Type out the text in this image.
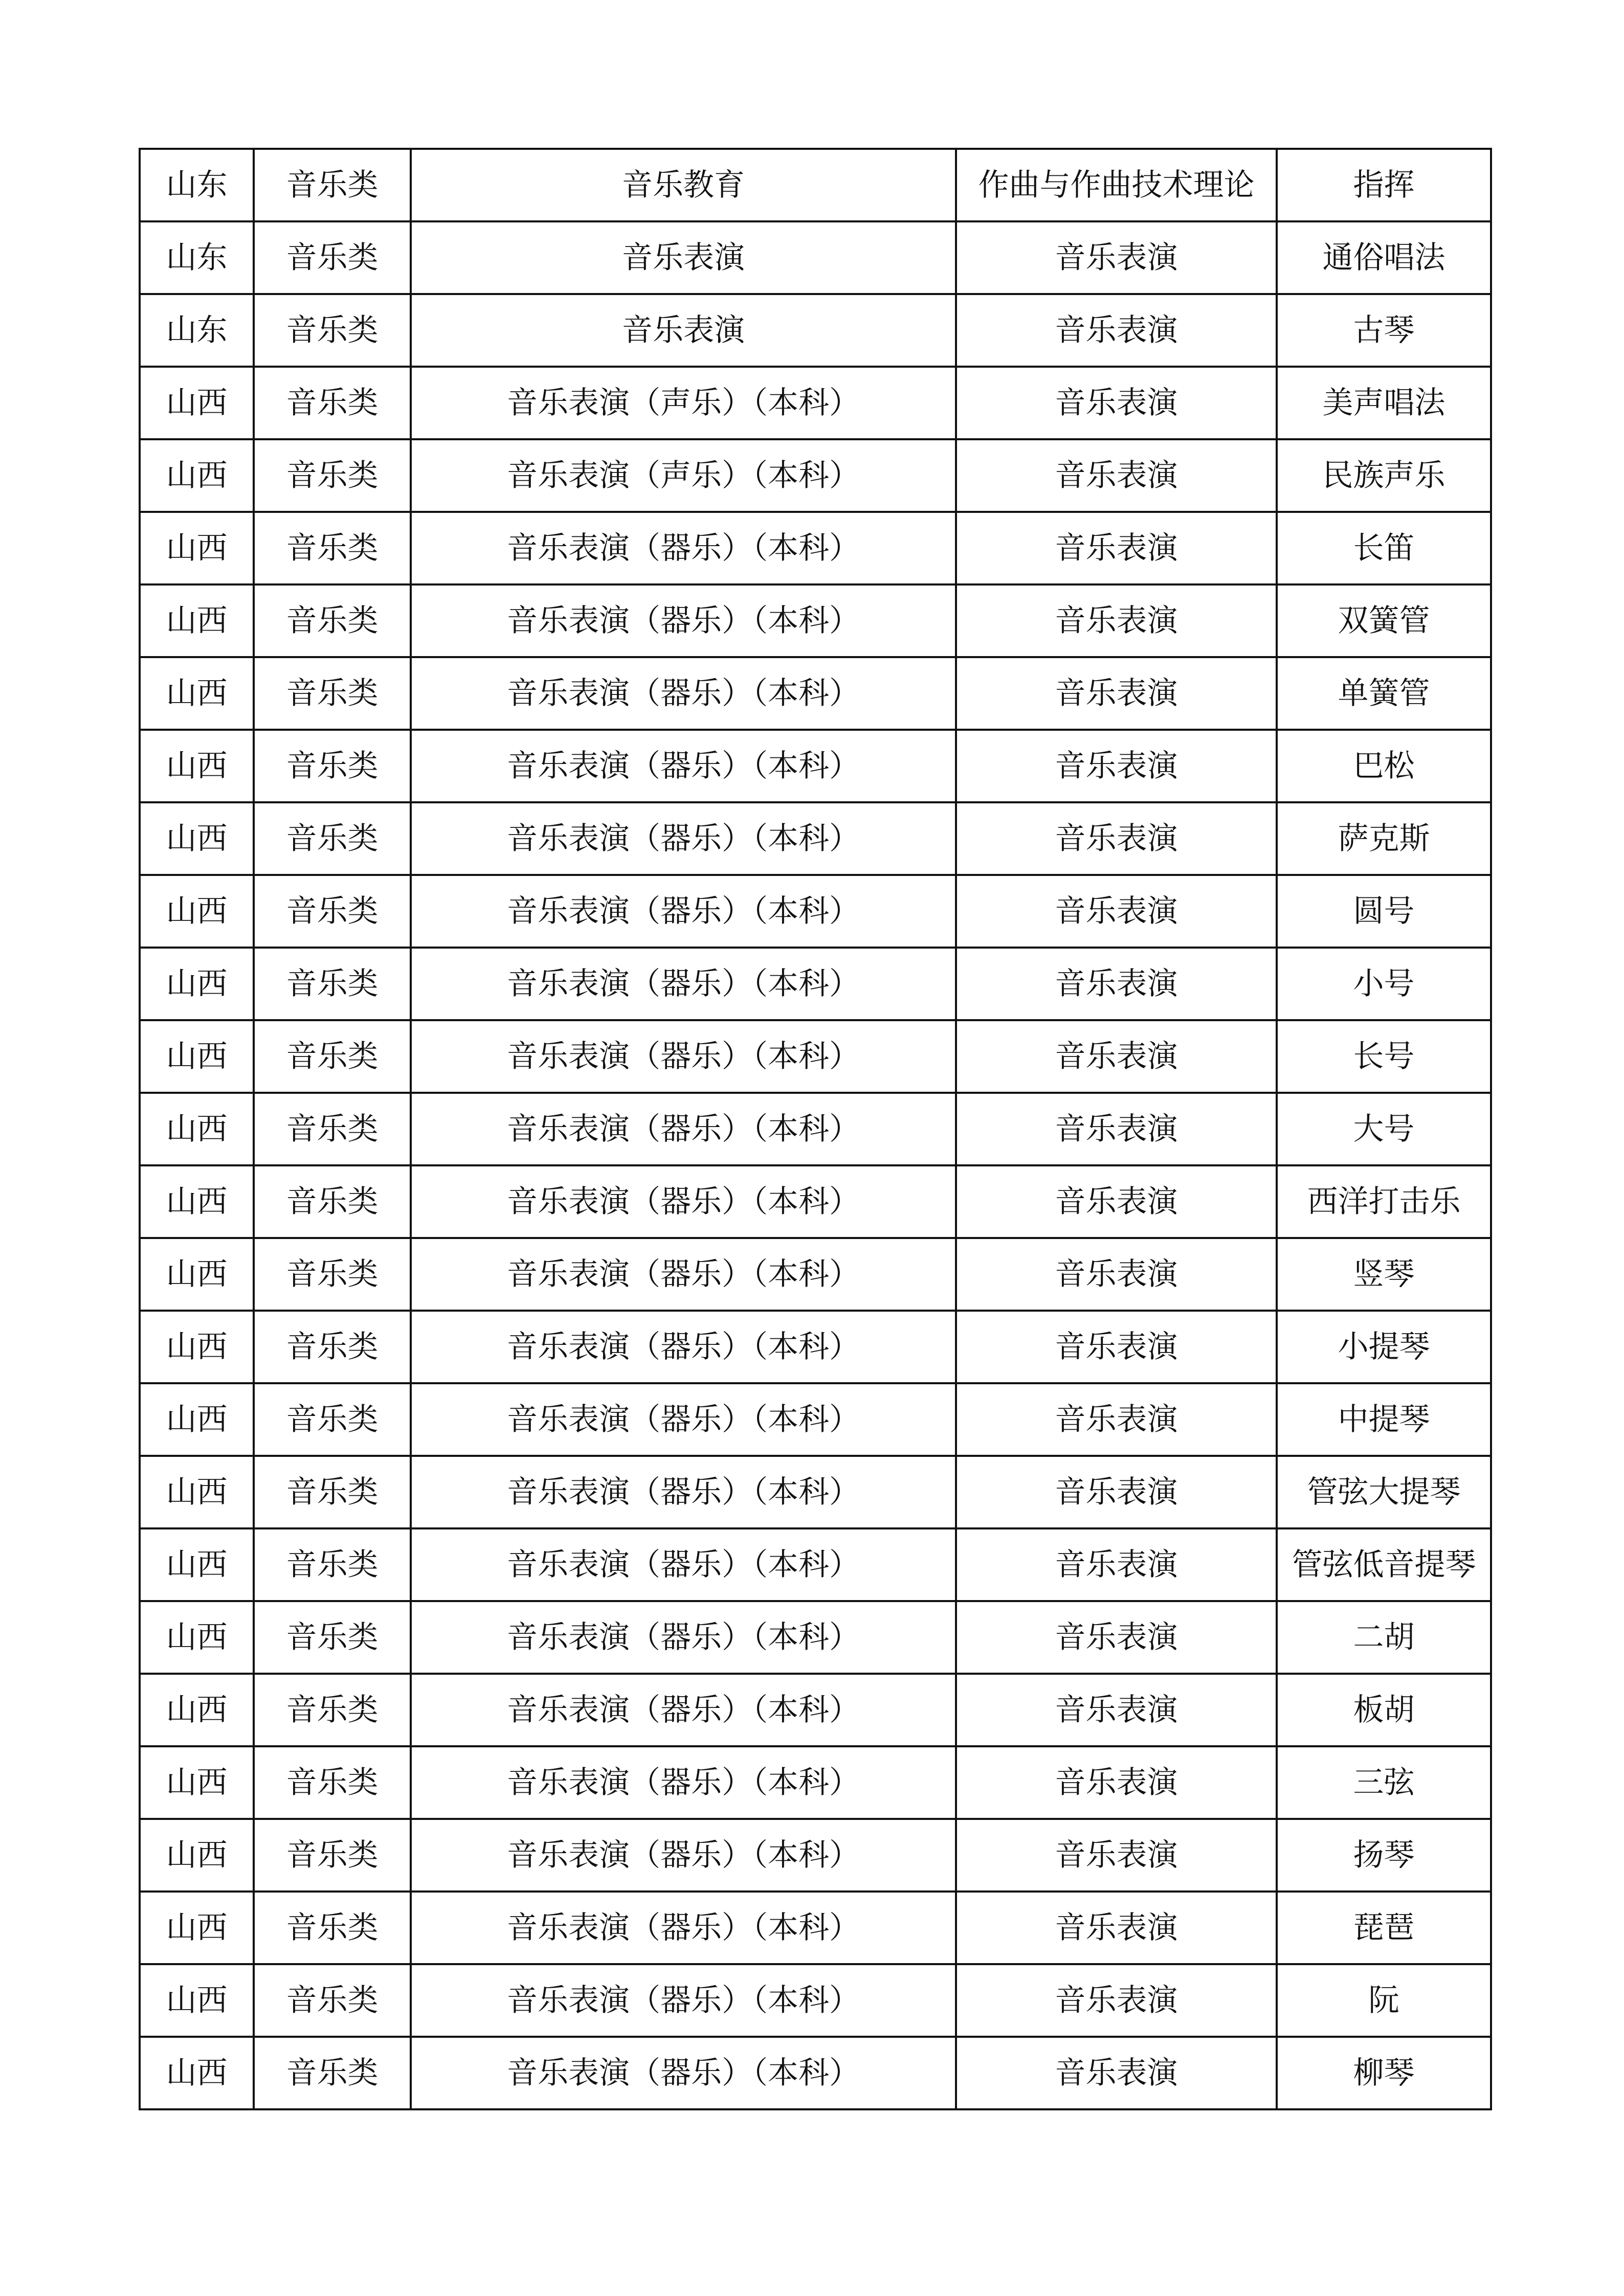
山东	音乐类	音乐教育	作曲与作曲技术理论	指挥
山东	音乐类	音乐表演	音乐表演	通俗唱法
山东	音乐类	音乐表演	音乐表演	古琴
山西	音乐类	音乐表演（声乐）（本科）	音乐表演	美声唱法
山西	音乐类	音乐表演（声乐）（本科）	音乐表演	民族声乐
山西	音乐类	音乐表演（器乐）（本科）	音乐表演	长笛
山西	音乐类	音乐表演（器乐）（本科）	音乐表演	双簧管
山西	音乐类	音乐表演（器乐）（本科）	音乐表演	单簧管
山西	音乐类	音乐表演（器乐）（本科）	音乐表演	巴松
山西	音乐类	音乐表演（器乐）（本科）	音乐表演	萨克斯
山西	音乐类	音乐表演（器乐）（本科）	音乐表演	圆号
山西	音乐类	音乐表演（器乐）（本科）	音乐表演	小号
山西	音乐类	音乐表演（器乐）（本科）	音乐表演	长号
山西	音乐类	音乐表演（器乐）（本科）	音乐表演	大号
山西	音乐类	音乐表演（器乐）（本科）	音乐表演	西洋打击乐
山西	音乐类	音乐表演（器乐）（本科）	音乐表演	竖琴
山西	音乐类	音乐表演（器乐）（本科）	音乐表演	小提琴
山西	音乐类	音乐表演（器乐）（本科）	音乐表演	中提琴
山西	音乐类	音乐表演（器乐）（本科）	音乐表演	管弦大提琴
山西	音乐类	音乐表演（器乐）（本科）	音乐表演	管弦低音提琴
山西	音乐类	音乐表演（器乐）（本科）	音乐表演	二胡
山西	音乐类	音乐表演（器乐）（本科）	音乐表演	板胡
山西	音乐类	音乐表演（器乐）（本科）	音乐表演	三弦
山西	音乐类	音乐表演（器乐）（本科）	音乐表演	扬琴
山西	音乐类	音乐表演（器乐）（本科）	音乐表演	琵琶
山西	音乐类	音乐表演（器乐）（本科）	音乐表演	阮
山西	音乐类	音乐表演（器乐）（本科）	音乐表演	柳琴
